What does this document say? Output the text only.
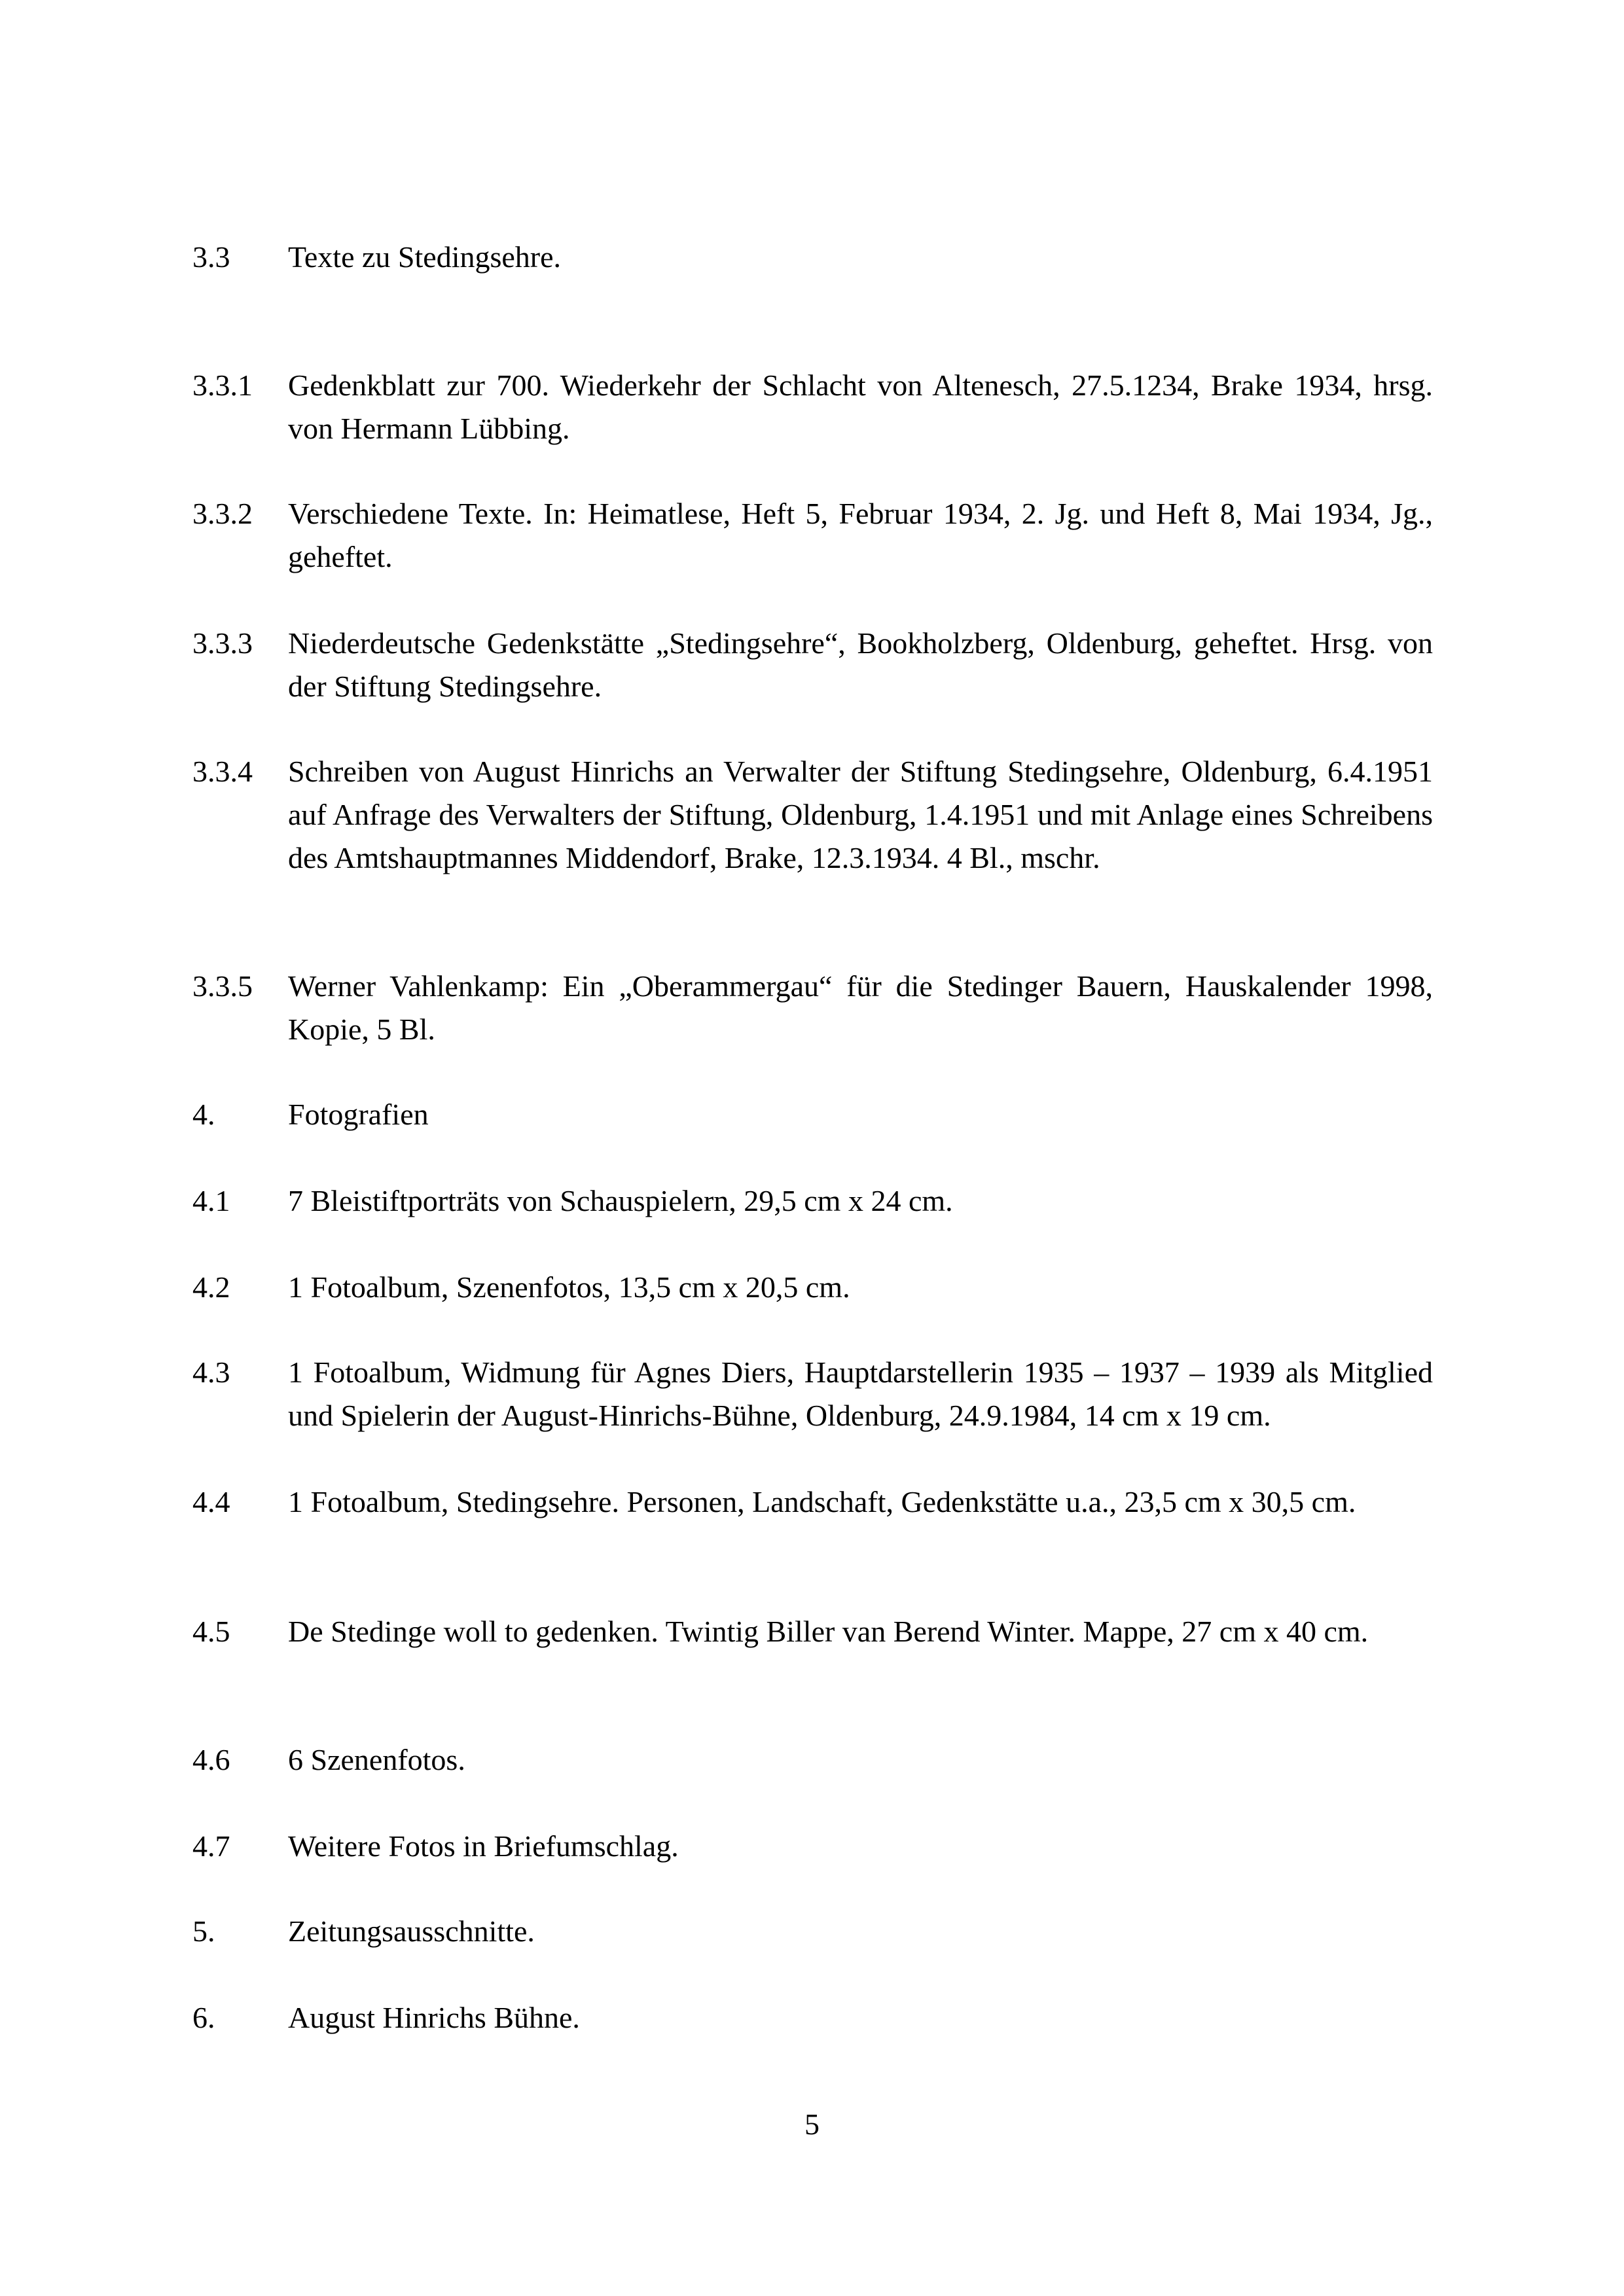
3.3 Texte zu Stedingsehre.
3.3.1 Gedenkblatt zur 700. Wiederkehr der Schlacht von Altenesch, 27.5.1234, Brake 1934, hrsg. von Hermann Lübbing.
3.3.2 Verschiedene Texte. In: Heimatlese, Heft 5, Februar 1934, 2. Jg. und Heft 8, Mai 1934, Jg., geheftet.
3.3.3 Niederdeutsche Gedenkstätte „Stedingsehre“, Bookholzberg, Oldenburg, geheftet. Hrsg. von der Stiftung Stedingsehre.
3.3.4 Schreiben von August Hinrichs an Verwalter der Stiftung Stedingsehre, Oldenburg, 6.4.1951 auf Anfrage des Verwalters der Stiftung, Oldenburg, 1.4.1951 und mit Anlage eines Schreibens des Amtshauptmannes Middendorf, Brake, 12.3.1934. 4 Bl., mschr.
3.3.5 Werner Vahlenkamp: Ein „Oberammergau“ für die Stedinger Bauern, Hauskalender 1998, Kopie, 5 Bl.
4. Fotografien
4.1 7 Bleistiftporträts von Schauspielern, 29,5 cm x 24 cm.
4.2 1 Fotoalbum, Szenenfotos, 13,5 cm x 20,5 cm.
4.3 1 Fotoalbum, Widmung für Agnes Diers, Hauptdarstellerin 1935 – 1937 – 1939 als Mitglied und Spielerin der August-Hinrichs-Bühne, Oldenburg, 24.9.1984, 14 cm x 19 cm.
4.4 1 Fotoalbum, Stedingsehre. Personen, Landschaft, Gedenkstätte u.a., 23,5 cm x 30,5 cm.
4.5 De Stedinge woll to gedenken. Twintig Biller van Berend Winter. Mappe, 27 cm x 40 cm.
4.6 6 Szenenfotos.
4.7 Weitere Fotos in Briefumschlag.
5. Zeitungsausschnitte.
6. August Hinrichs Bühne.
5
